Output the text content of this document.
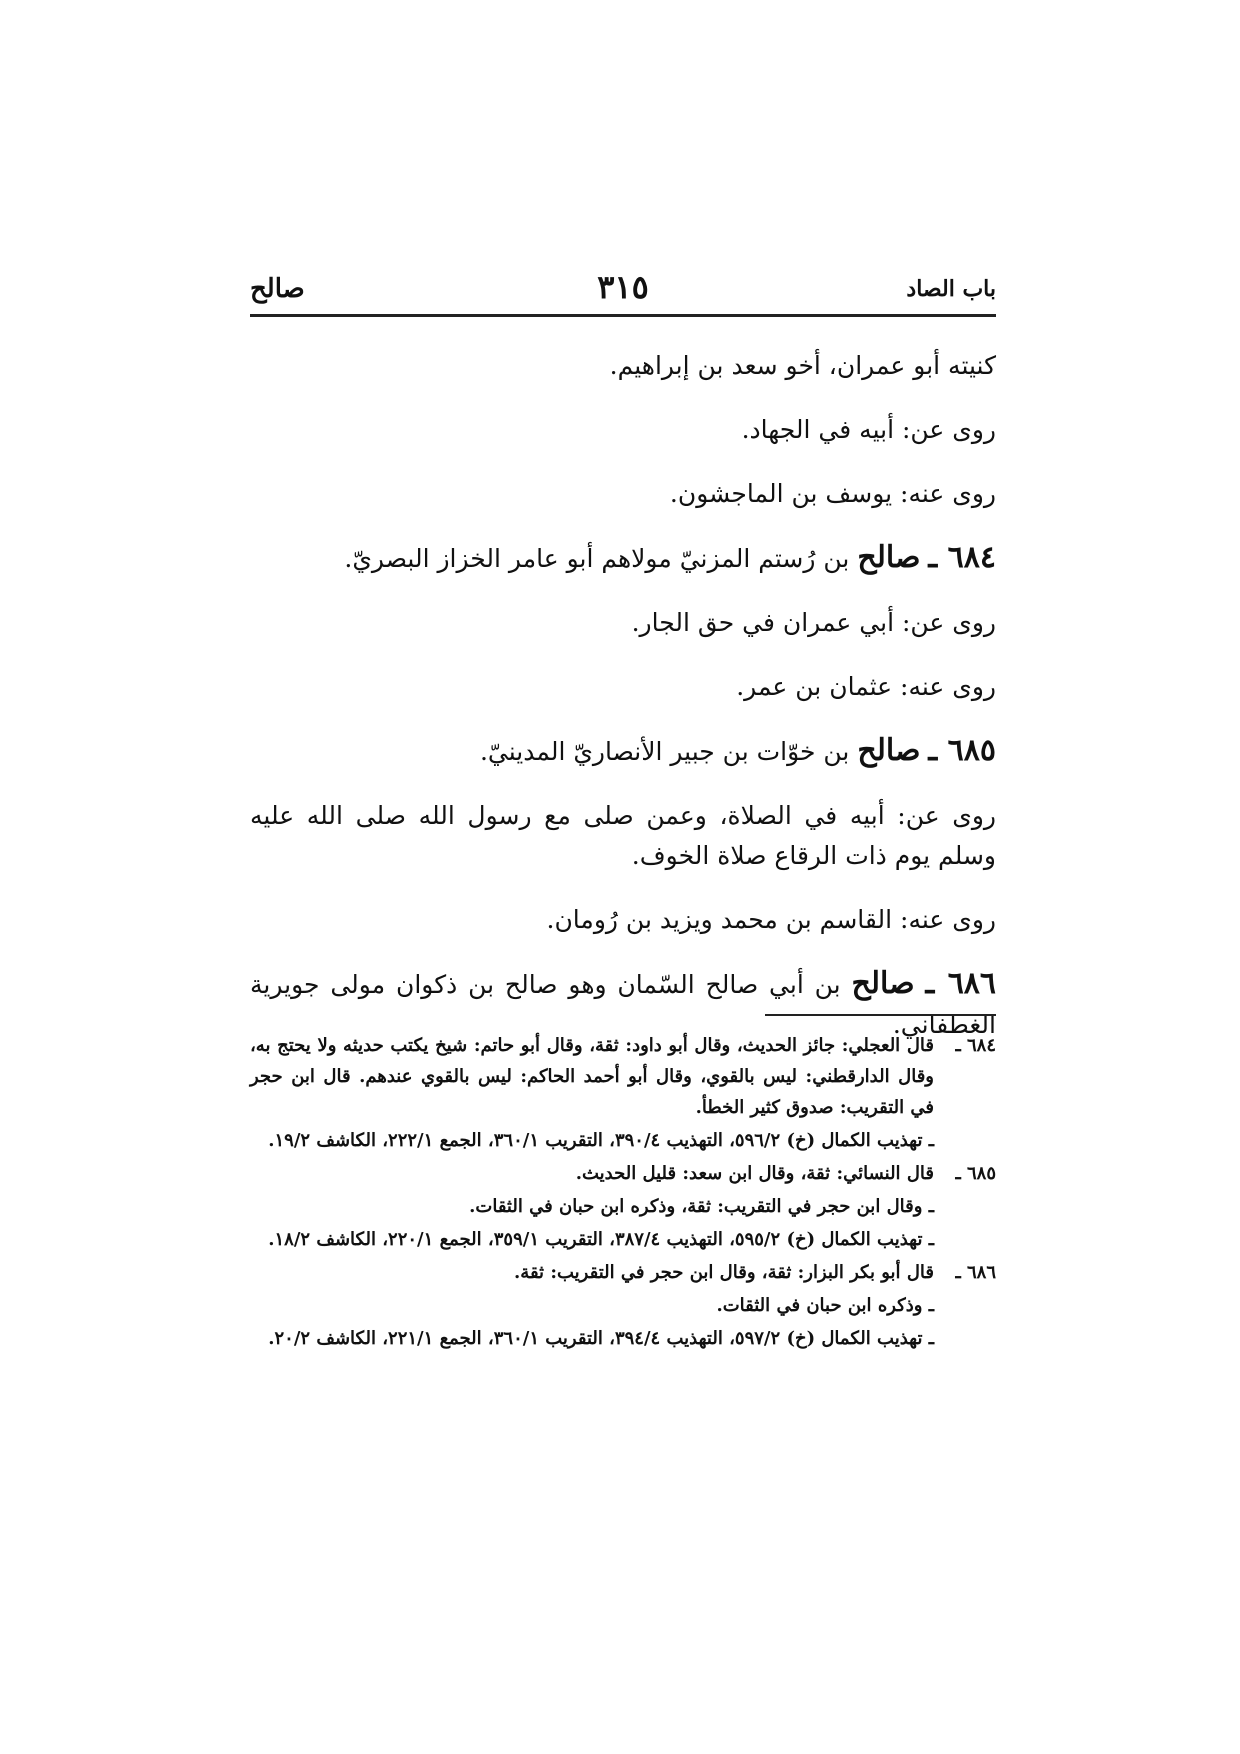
باب الصاد
٣١٥
صالح
كنيته أبو عمران، أخو سعد بن إبراهيم.
روى عن: أبيه في الجهاد.
روى عنه: يوسف بن الماجشون.
٦٨٤ ـ صالح بن رُستم المزنيّ مولاهم أبو عامر الخزاز البصريّ.
روى عن: أبي عمران في حق الجار.
روى عنه: عثمان بن عمر.
٦٨٥ ـ صالح بن خوّات بن جبير الأنصاريّ المدينيّ.
روى عن: أبيه في الصلاة، وعمن صلى مع رسول الله صلى الله عليه وسلم يوم ذات الرقاع صلاة الخوف.
روى عنه: القاسم بن محمد ويزيد بن رُومان.
٦٨٦ ـ صالح بن أبي صالح السّمان وهو صالح بن ذكوان مولى جويرية الغطفاني.
٦٨٤ ـ
قال العجلي: جائز الحديث، وقال أبو داود: ثقة، وقال أبو حاتم: شيخ يكتب حديثه ولا يحتج به، وقال الدارقطني: ليس بالقوي، وقال أبو أحمد الحاكم: ليس بالقوي عندهم. قال ابن حجر في التقريب: صدوق كثير الخطأ.
ـ تهذيب الكمال (خ) ٥٩٦/٢، التهذيب ٣٩٠/٤، التقريب ٣٦٠/١، الجمع ٢٢٢/١، الكاشف ١٩/٢.
٦٨٥ ـ
قال النسائي: ثقة، وقال ابن سعد: قليل الحديث.
ـ وقال ابن حجر في التقريب: ثقة، وذكره ابن حبان في الثقات.
ـ تهذيب الكمال (خ) ٥٩٥/٢، التهذيب ٣٨٧/٤، التقريب ٣٥٩/١، الجمع ٢٢٠/١، الكاشف ١٨/٢.
٦٨٦ ـ
قال أبو بكر البزار: ثقة، وقال ابن حجر في التقريب: ثقة.
ـ وذكره ابن حبان في الثقات.
ـ تهذيب الكمال (خ) ٥٩٧/٢، التهذيب ٣٩٤/٤، التقريب ٣٦٠/١، الجمع ٢٢١/١، الكاشف ٢٠/٢.
